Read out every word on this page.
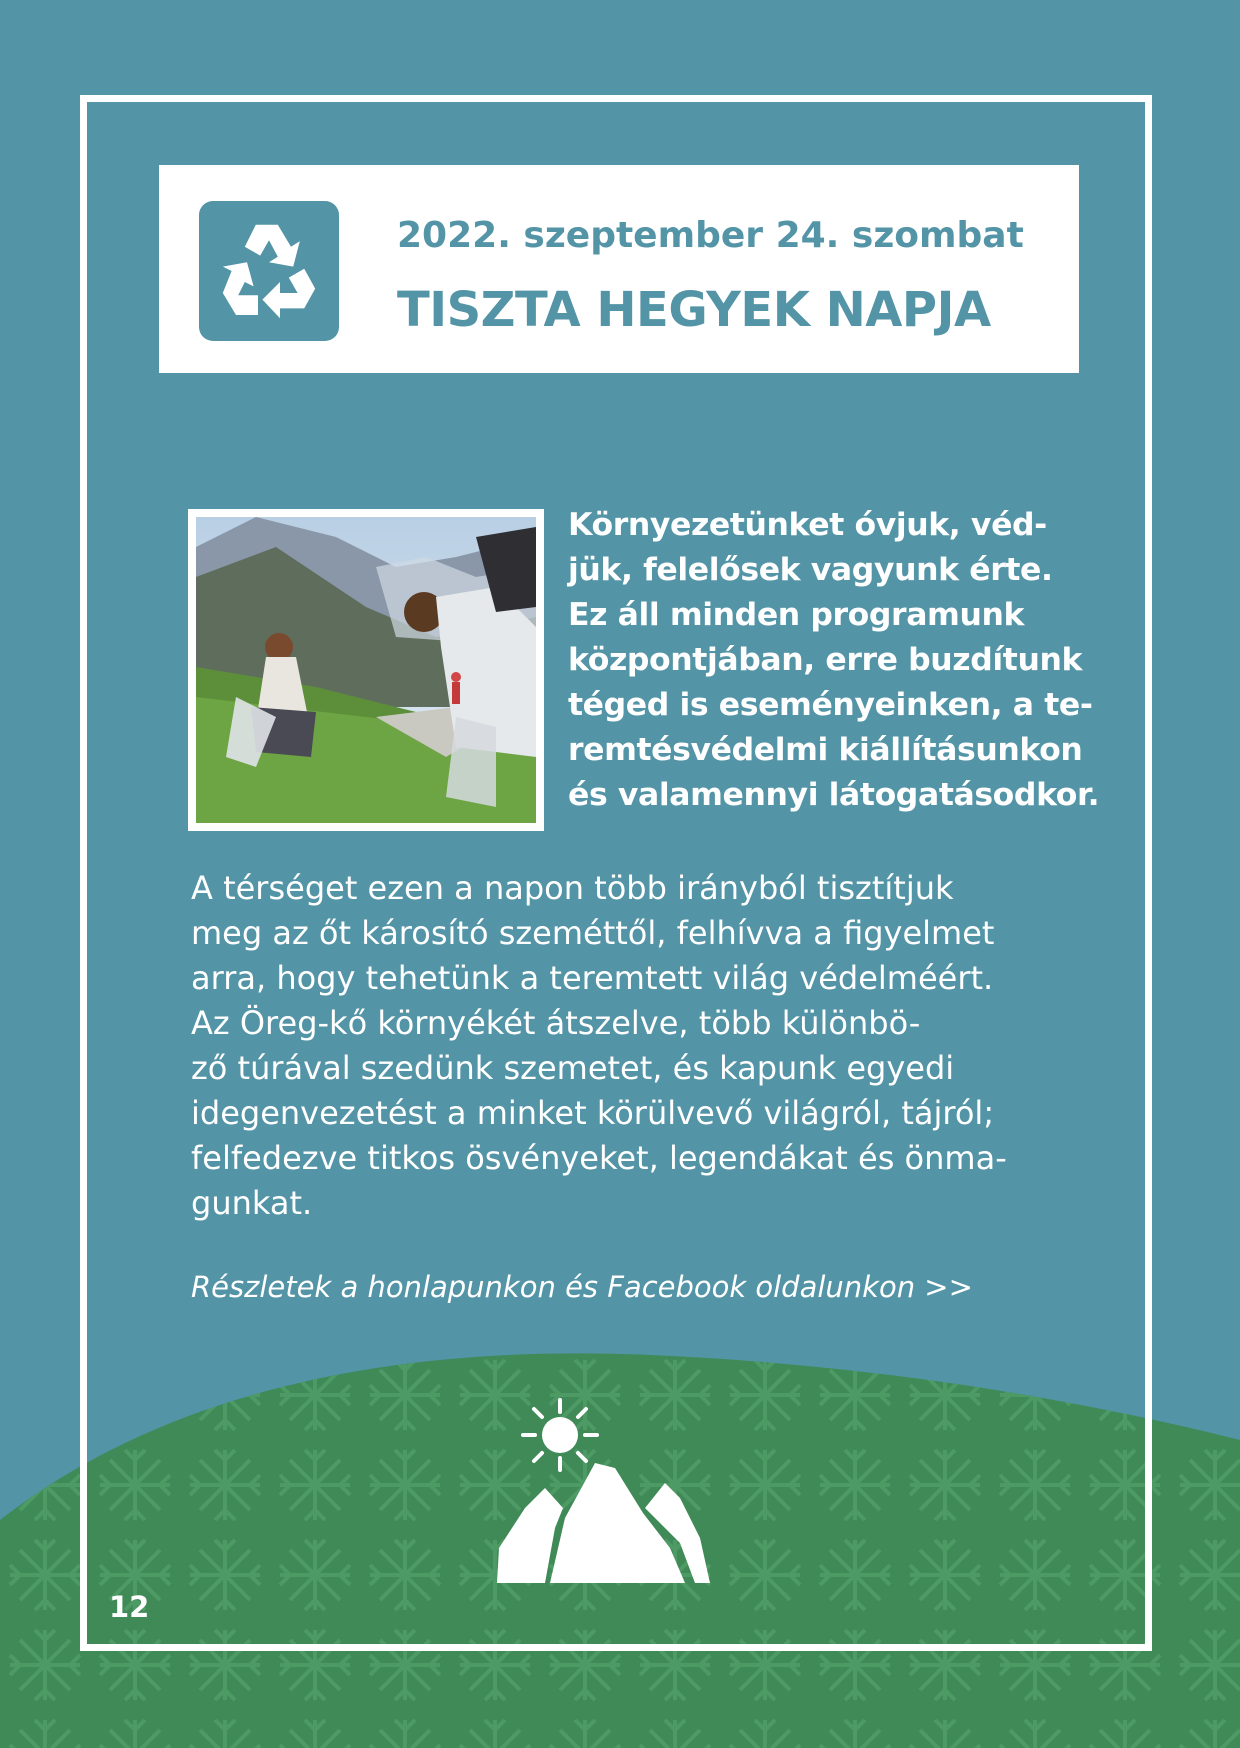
2022. szeptember 24. szombat
TISZTA HEGYEK NAPJA

Környezetünket óvjuk, véd-
jük, felelősek vagyunk érte.
Ez áll minden programunk
központjában, erre buzdítunk
téged is eseményeinken, a te-
remtésvédelmi kiállításunkon
és valamennyi látogatásodkor.

A térséget ezen a napon több irányból tisztítjuk
meg az őt károsító szeméttől, felhívva a figyelmet
arra, hogy tehetünk a teremtett világ védelméért.
Az Öreg-kő környékét átszelve, több különbö-
ző túrával szedünk szemetet, és kapunk egyedi
idegenvezetést a minket körülvevő világról, tájról;
felfedezve titkos ösvényeket, legendákat és önma-
gunkat.

Részletek a honlapunkon és Facebook oldalunkon >>
12
